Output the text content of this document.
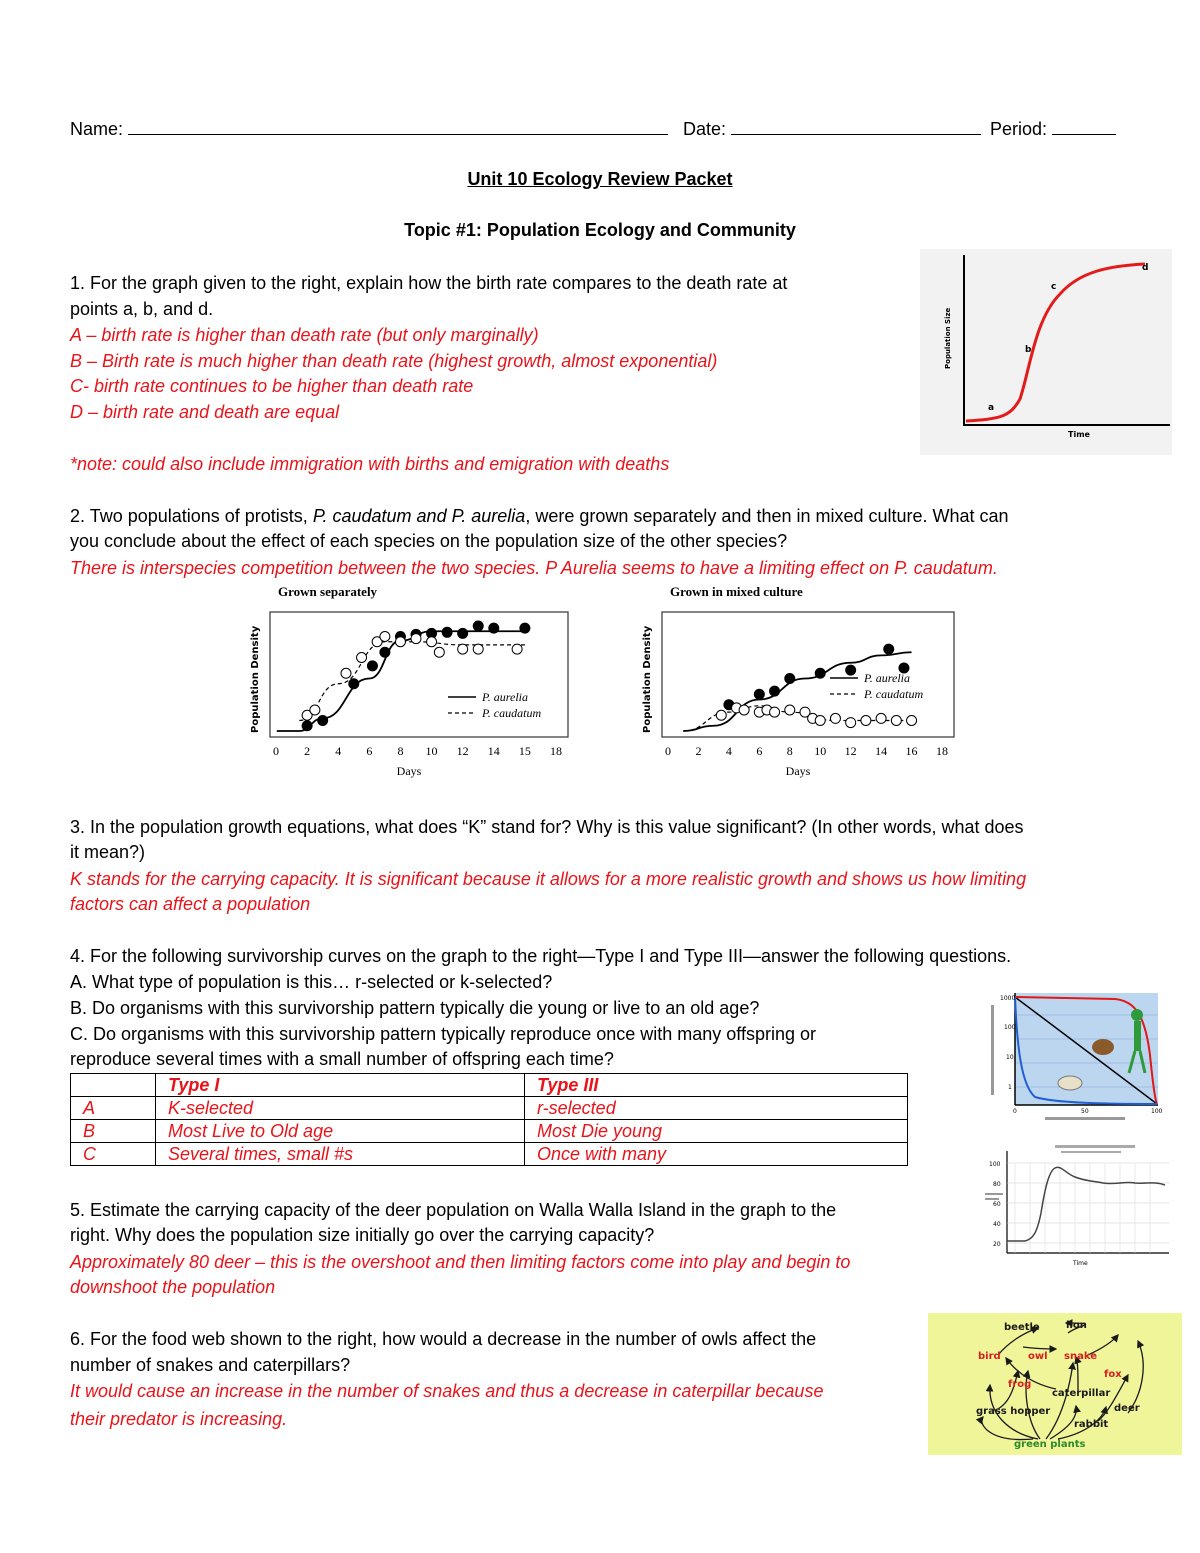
Name:	Date:	Period:
Unit 10 Ecology Review Packet
Topic #1: Population Ecology and Community
1. For the graph given to the right, explain how the birth rate compares to the death rate at
points a, b, and d.
A – birth rate is higher than death rate (but only marginally)
B – Birth rate is much higher than death rate (highest growth, almost exponential)
C- birth rate continues to be higher than death rate
D – birth rate and death are equal
*note: could also include immigration with births and emigration with deaths
Population Size
Time
a
b
c
d
2. Two populations of protists, P. caudatum and P. aurelia, were grown separately and then in mixed culture. What can
you conclude about the effect of each species on the population size of the other species?
There is interspecies competition between the two species. P Aurelia seems to have a limiting effect on P. caudatum.
Grown separately
Population Density
0 2 4 6 8 10 12 14 15 18
Days
P. aurelia
P. caudatum
Grown in mixed culture
Population Density
0 2 4 6 8 10 12 14 16 18
Days
P. aurelia
P. caudatum
3. In the population growth equations, what does “K” stand for? Why is this value significant? (In other words, what does
it mean?)
K stands for the carrying capacity. It is significant because it allows for a more realistic growth and shows us how limiting
factors can affect a population
4. For the following survivorship curves on the graph to the right—Type I and Type III—answer the following questions.
A. What type of population is this… r-selected or k-selected?
B. Do organisms with this survivorship pattern typically die young or live to an old age?
C. Do organisms with this survivorship pattern typically reproduce once with many offspring or
reproduce several times with a small number of offspring each time?
	Type I	Type III
A	K-selected	r-selected
B	Most Live to Old age	Most Die young
C	Several times, small #s	Once with many
1000
100
10
1
0	50	100
100
80
60
40
20
Time
5. Estimate the carrying capacity of the deer population on Walla Walla Island in the graph to the
right. Why does the population size initially go over the carrying capacity?
Approximately 80 deer – this is the overshoot and then limiting factors come into play and begin to
downshoot the population
6. For the food web shown to the right, how would a decrease in the number of owls affect the
number of snakes and caterpillars?
It would cause an increase in the number of snakes and thus a decrease in caterpillar because
their predator is increasing.
beetle	lion
bird	owl snake
frog
caterpillar
fox
grass hopper	deer
rabbit
green plants
